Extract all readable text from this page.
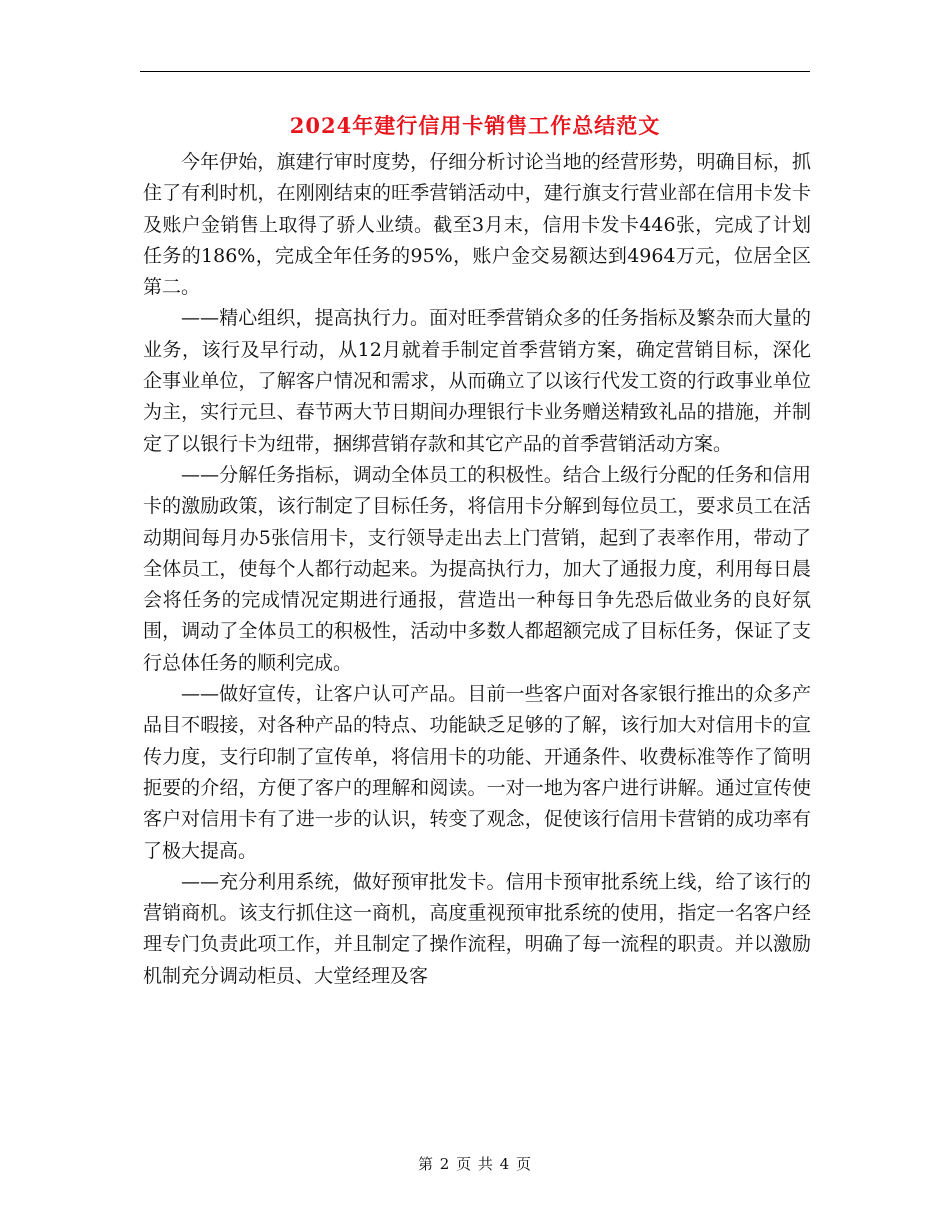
2024年建行信用卡销售工作总结范文

今年伊始，旗建行审时度势，仔细分析讨论当地的经营形势，明确目标，抓住了有利时机，在刚刚结束的旺季营销活动中，建行旗支行营业部在信用卡发卡及账户金销售上取得了骄人业绩。截至3月末，信用卡发卡446张，完成了计划任务的186%，完成全年任务的95%，账户金交易额达到4964万元，位居全区第二。

——精心组织，提高执行力。面对旺季营销众多的任务指标及繁杂而大量的业务，该行及早行动，从12月就着手制定首季营销方案，确定营销目标，深化企事业单位，了解客户情况和需求，从而确立了以该行代发工资的行政事业单位为主，实行元旦、春节两大节日期间办理银行卡业务赠送精致礼品的措施，并制定了以银行卡为纽带，捆绑营销存款和其它产品的首季营销活动方案。

——分解任务指标，调动全体员工的积极性。结合上级行分配的任务和信用卡的激励政策，该行制定了目标任务，将信用卡分解到每位员工，要求员工在活动期间每月办5张信用卡，支行领导走出去上门营销，起到了表率作用，带动了全体员工，使每个人都行动起来。为提高执行力，加大了通报力度，利用每日晨会将任务的完成情况定期进行通报，营造出一种每日争先恐后做业务的良好氛围，调动了全体员工的积极性，活动中多数人都超额完成了目标任务，保证了支行总体任务的顺利完成。

——做好宣传，让客户认可产品。目前一些客户面对各家银行推出的众多产品目不暇接，对各种产品的特点、功能缺乏足够的了解，该行加大对信用卡的宣传力度，支行印制了宣传单，将信用卡的功能、开通条件、收费标准等作了简明扼要的介绍，方便了客户的理解和阅读。一对一地为客户进行讲解。通过宣传使客户对信用卡有了进一步的认识，转变了观念，促使该行信用卡营销的成功率有了极大提高。

——充分利用系统，做好预审批发卡。信用卡预审批系统上线，给了该行的营销商机。该支行抓住这一商机，高度重视预审批系统的使用，指定一名客户经理专门负责此项工作，并且制定了操作流程，明确了每一流程的职责。并以激励机制充分调动柜员、大堂经理及客

第 2 页 共 4 页
